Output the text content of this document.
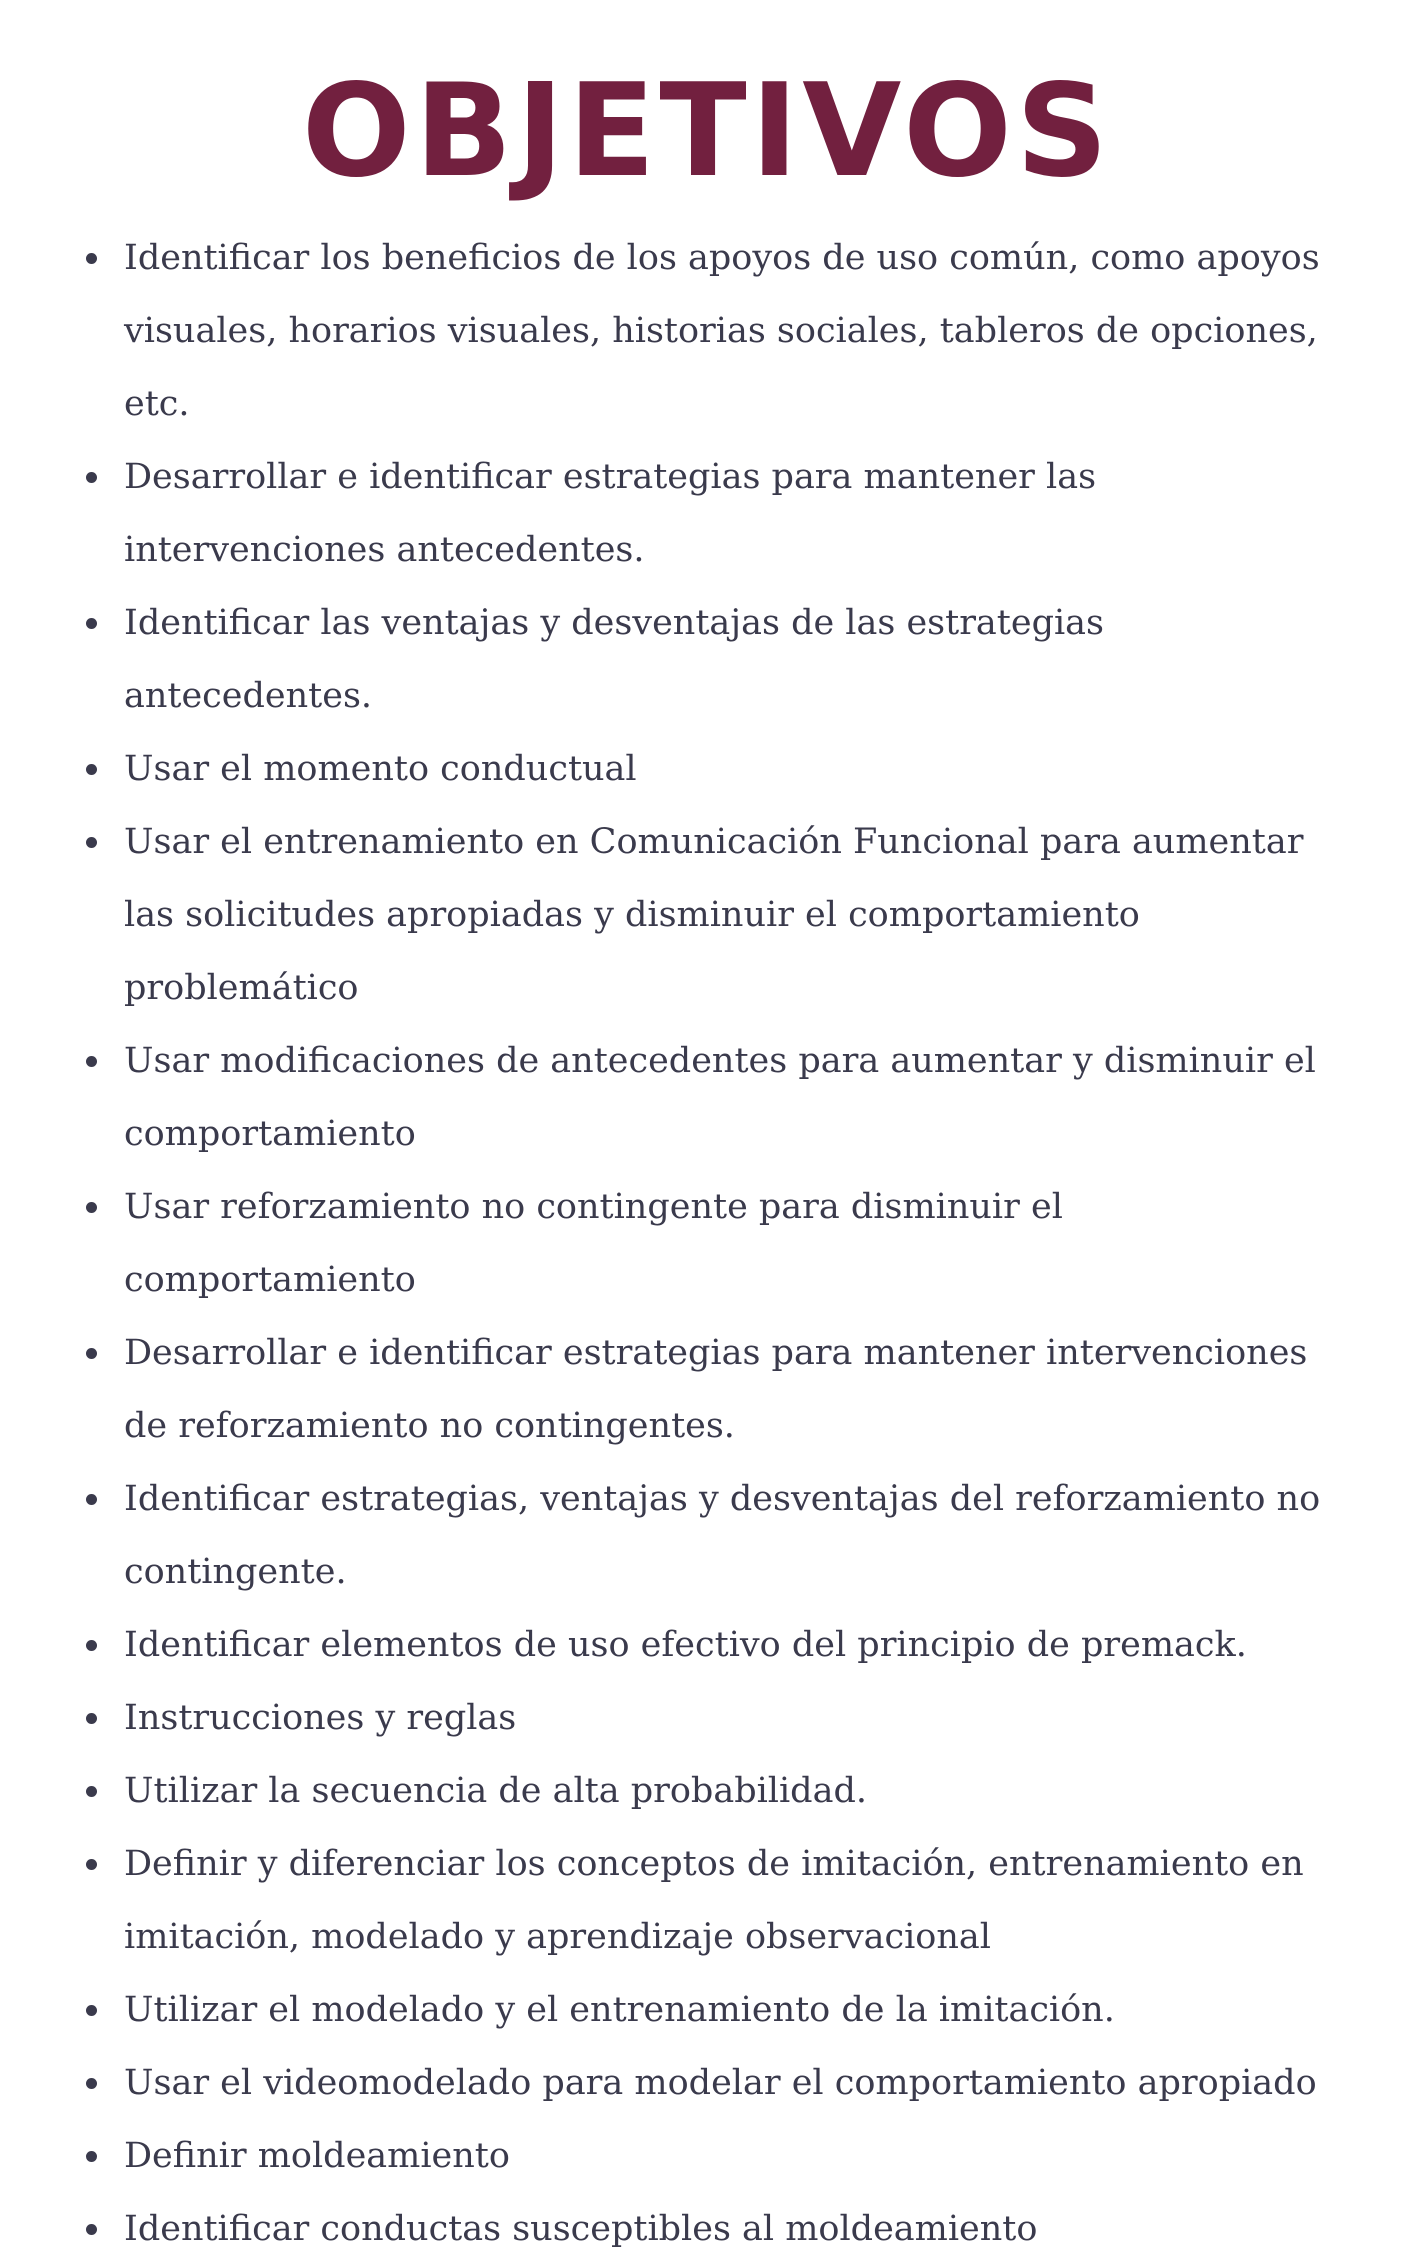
OBJETIVOS
Identificar los beneficios de los apoyos de uso común, como apoyos visuales, horarios visuales, historias sociales, tableros de opciones, etc.
Desarrollar e identificar estrategias para mantener las intervenciones antecedentes.
Identificar las ventajas y desventajas de las estrategias antecedentes.
Usar el momento conductual
Usar el entrenamiento en Comunicación Funcional para aumentar las solicitudes apropiadas y disminuir el comportamiento problemático
Usar modificaciones de antecedentes para aumentar y disminuir el comportamiento
Usar reforzamiento no contingente para disminuir el comportamiento
Desarrollar e identificar estrategias para mantener intervenciones de reforzamiento no contingentes.
Identificar estrategias, ventajas y desventajas del reforzamiento no contingente.
Identificar elementos de uso efectivo del principio de premack.
Instrucciones y reglas
Utilizar la secuencia de alta probabilidad.
Definir y diferenciar los conceptos de imitación, entrenamiento en imitación, modelado y aprendizaje observacional
Utilizar el modelado y el entrenamiento de la imitación.
Usar el videomodelado para modelar el comportamiento apropiado
Definir moldeamiento
Identificar conductas susceptibles al moldeamiento
